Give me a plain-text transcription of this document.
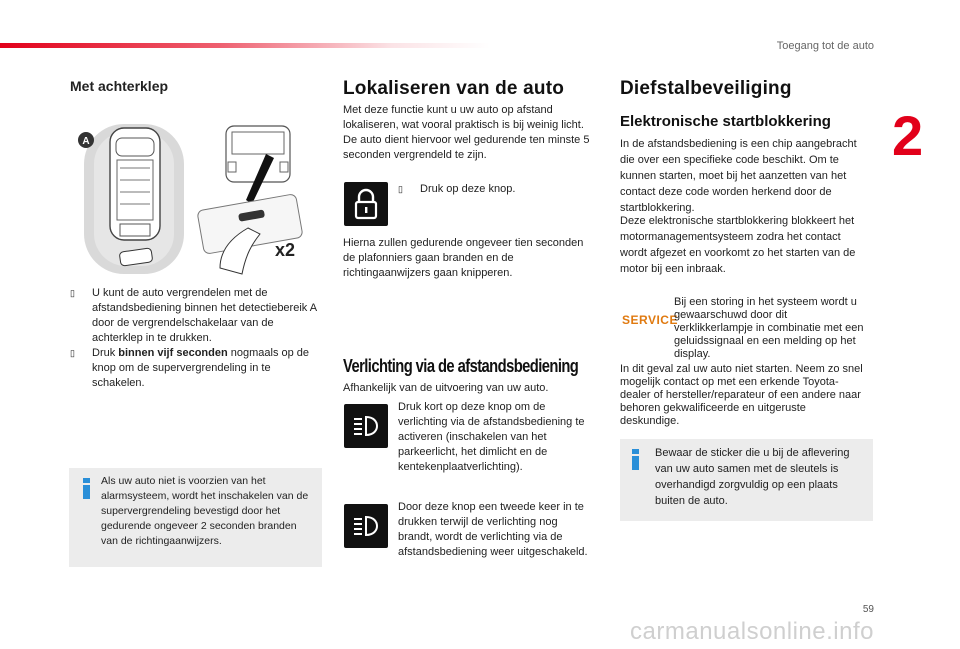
Toegang tot de auto
2
Met achterklep
A
x2

▯ U kunt de auto vergrendelen met de afstandsbediening binnen het detectiebereik A door de vergrendelschakelaar van de achterklep in te drukken.

▯ Druk binnen vijf seconden nogmaals op de knop om de supervergrendeling in te schakelen.

Als uw auto niet is voorzien van het alarmsysteem, wordt het inschakelen van de supervergrendeling bevestigd door het gedurende ongeveer 2 seconden branden van de richtingaanwijzers.

Lokaliseren van de auto

Met deze functie kunt u uw auto op afstand lokaliseren, wat vooral praktisch is bij weinig licht. De auto dient hiervoor wel gedurende ten minste 5 seconden vergrendeld te zijn.

▯ Druk op deze knop.

Hierna zullen gedurende ongeveer tien seconden de plafonniers gaan branden en de richtingaanwijzers gaan knipperen.

Verlichting via de afstandsbediening

Afhankelijk van de uitvoering van uw auto.

Druk kort op deze knop om de verlichting via de afstandsbediening te activeren (inschakelen van het parkeerlicht, het dimlicht en de kentekenplaatverlichting).

Door deze knop een tweede keer in te drukken terwijl de verlichting nog brandt, wordt de verlichting via de afstandsbediening weer uitgeschakeld.

Diefstalbeveiliging
Elektronische startblokkering

In de afstandsbediening is een chip aangebracht die over een specifieke code beschikt. Om te kunnen starten, moet bij het aanzetten van het contact deze code worden herkend door de startblokkering.

Deze elektronische startblokkering blokkeert het motormanagementsysteem zodra het contact wordt afgezet en voorkomt zo het starten van de motor bij een inbraak.

SERVICE

Bij een storing in het systeem wordt u gewaarschuwd door dit verklikkerlampje in combinatie met een geluidssignaal en een melding op het display.

In dit geval zal uw auto niet starten. Neem zo snel mogelijk contact op met een erkende Toyota-dealer of hersteller/reparateur of een andere naar behoren gekwalificeerde en uitgeruste deskundige.

Bewaar de sticker die u bij de aflevering van uw auto samen met de sleutels is overhandigd zorgvuldig op een plaats buiten de auto.

59
carmanualsonline.info
